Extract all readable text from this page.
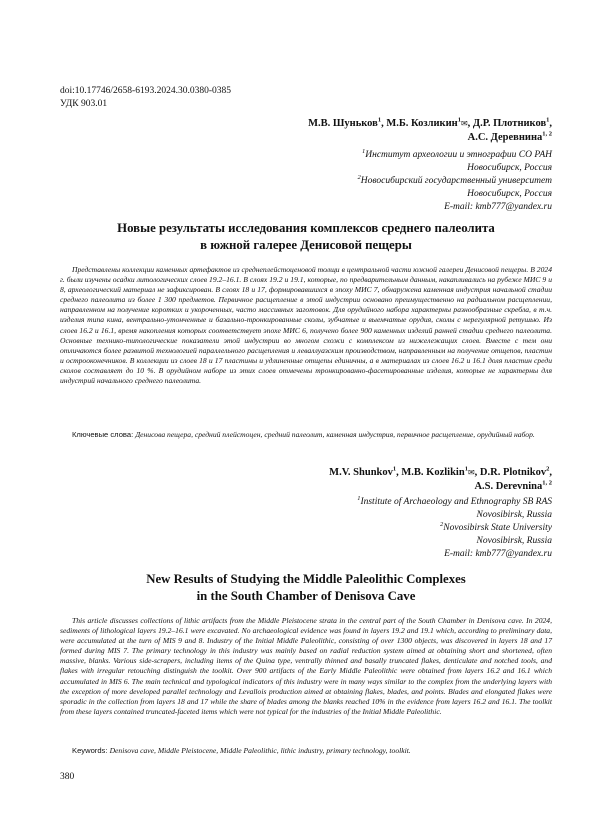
doi:10.17746/2658-6193.2024.30.0380-0385
УДК 903.01
М.В. Шуньков$^1$, М.Б. Козликин$^1$✉, Д.Р. Плотников$^1$,
А.С. Деревнина$^{1, 2}$
$^1$Институт археологии и этнографии СО РАН
Новосибирск, Россия
$^2$Новосибирский государственный университет
Новосибирск, Россия
E-mail: kmb777@yandex.ru
Новые результаты исследования комплексов среднего палеолита
в южной галерее Денисовой пещеры
Представлены коллекции каменных артефактов из среднеплейстоценовой толщи в центральной части южной галереи Денисовой пещеры. В 2024 г. были изучены осадки литологических слоев 19.2–16.1. В слоях 19.2 и 19.1, которые, по предварительным данным, накапливались на рубеже МИС 9 и 8, археологический материал не зафиксирован. В слоях 18 и 17, формировавшихся в эпоху МИС 7, обнаружена каменная индустрия начальной стадии среднего палеолита из более 1 300 предметов. Первичное расщепление в этой индустрии основано преимущественно на радиальном расщеплении, направленном на получение коротких и укороченных, часто массивных заготовок. Для орудийного набора характерны разнообразные скребла, в т.ч. изделия типа кина, вентрально-утонченные и базально-тронкированные сколы, зубчатые и выемчатые орудия, сколы с нерегулярной ретушью. Из слоев 16.2 и 16.1, время накопления которых соответствует эпохе МИС 6, получено более 900 каменных изделий ранней стадии среднего палеолита. Основные технико-типологические показатели этой индустрии во многом схожи с комплексом из нижележащих слоев. Вместе с тем они отличаются более развитой технологией параллельного расщепления и леваллуазским производством, направленным на получение отщепов, пластин и острооконечников. В коллекции из слоев 18 и 17 пластины и удлиненные отщепы единичны, а в материалах из слоев 16.2 и 16.1 доля пластин среди сколов составляет до 10 %. В орудийном наборе из этих слоев отмечены тронкированно-фасетированные изделия, которые не характерны для индустрий начального среднего палеолита.
Ключевые слова: Денисова пещера, средний плейстоцен, средний палеолит, каменная индустрия, первичное расщепление, орудийный набор.
M.V. Shunkov$^1$, M.B. Kozlikin$^1$✉, D.R. Plotnikov$^2$,
A.S. Derevnina$^{1, 2}$
$^1$Institute of Archaeology and Ethnography SB RAS
Novosibirsk, Russia
$^2$Novosibirsk State University
Novosibirsk, Russia
E-mail: kmb777@yandex.ru
New Results of Studying the Middle Paleolithic Complexes
in the South Chamber of Denisova Cave
This article discusses collections of lithic artifacts from the Middle Pleistocene strata in the central part of the South Chamber in Denisova cave. In 2024, sediments of lithological layers 19.2–16.1 were excavated. No archaeological evidence was found in layers 19.2 and 19.1 which, according to preliminary data, were accumulated at the turn of MIS 9 and 8. Industry of the Initial Middle Paleolithic, consisting of over 1300 objects, was discovered in layers 18 and 17 formed during MIS 7. The primary technology in this industry was mainly based on radial reduction system aimed at obtaining short and shortened, often massive, blanks. Various side-scrapers, including items of the Quina type, ventrally thinned and basally truncated flakes, denticulate and notched tools, and flakes with irregular retouching distinguish the toolkit. Over 900 artifacts of the Early Middle Paleolithic were obtained from layers 16.2 and 16.1 which accumulated in MIS 6. The main technical and typological indicators of this industry were in many ways similar to the complex from the underlying layers with the exception of more developed parallel technology and Levallois production aimed at obtaining flakes, blades, and points. Blades and elongated flakes were sporadic in the collection from layers 18 and 17 while the share of blades among the blanks reached 10% in the evidence from layers 16.2 and 16.1. The toolkit from these layers contained truncated-faceted items which were not typical for the industries of the Initial Middle Paleolithic.
Keywords: Denisova cave, Middle Pleistocene, Middle Paleolithic, lithic industry, primary technology, toolkit.
380
